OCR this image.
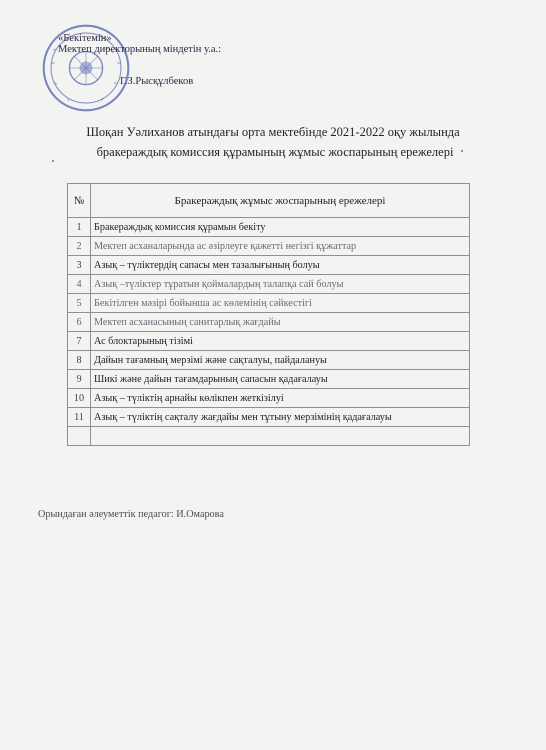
«Бекітемін»
Мектеп директорының міндетін у.а.:
Г.З.Рысқұлбеков
Шоқан Уәлиханов атындағы орта мектебінде 2021-2022 оқу жылында
бракераждық комиссия құрамының жұмыс жоспарының ережелері
№	Бракераждық жұмыс жоспарының ережелері
1	Бракераждық комиссия құрамын бекіту
2	Мектеп асханаларында ас әзірлеуге қажетті негізгі құжаттар
3	Азық – түліктердің сапасы мен тазалығының болуы
4	Азық –түліктер тұратын қоймалардың талапқа сай болуы
5	Бекітілген мәзірі бойынша ас көлемінің сәйкестігі
6	Мектеп асханасының санитарлық жағдайы
7	Ас блоктарының тізімі
8	Дайын тағамның мерзімі және сақталуы, пайдалануы
9	Шикі және дайын тағамдарының сапасын қадағалауы
10	Азық – түліктің арнайы көлікпен жеткізілуі
11	Азық – түліктің сақталу жағдайы мен тұтыну мерзімінің қадағалауы

Орындаған әлеуметтік педагог: И.Омарова
